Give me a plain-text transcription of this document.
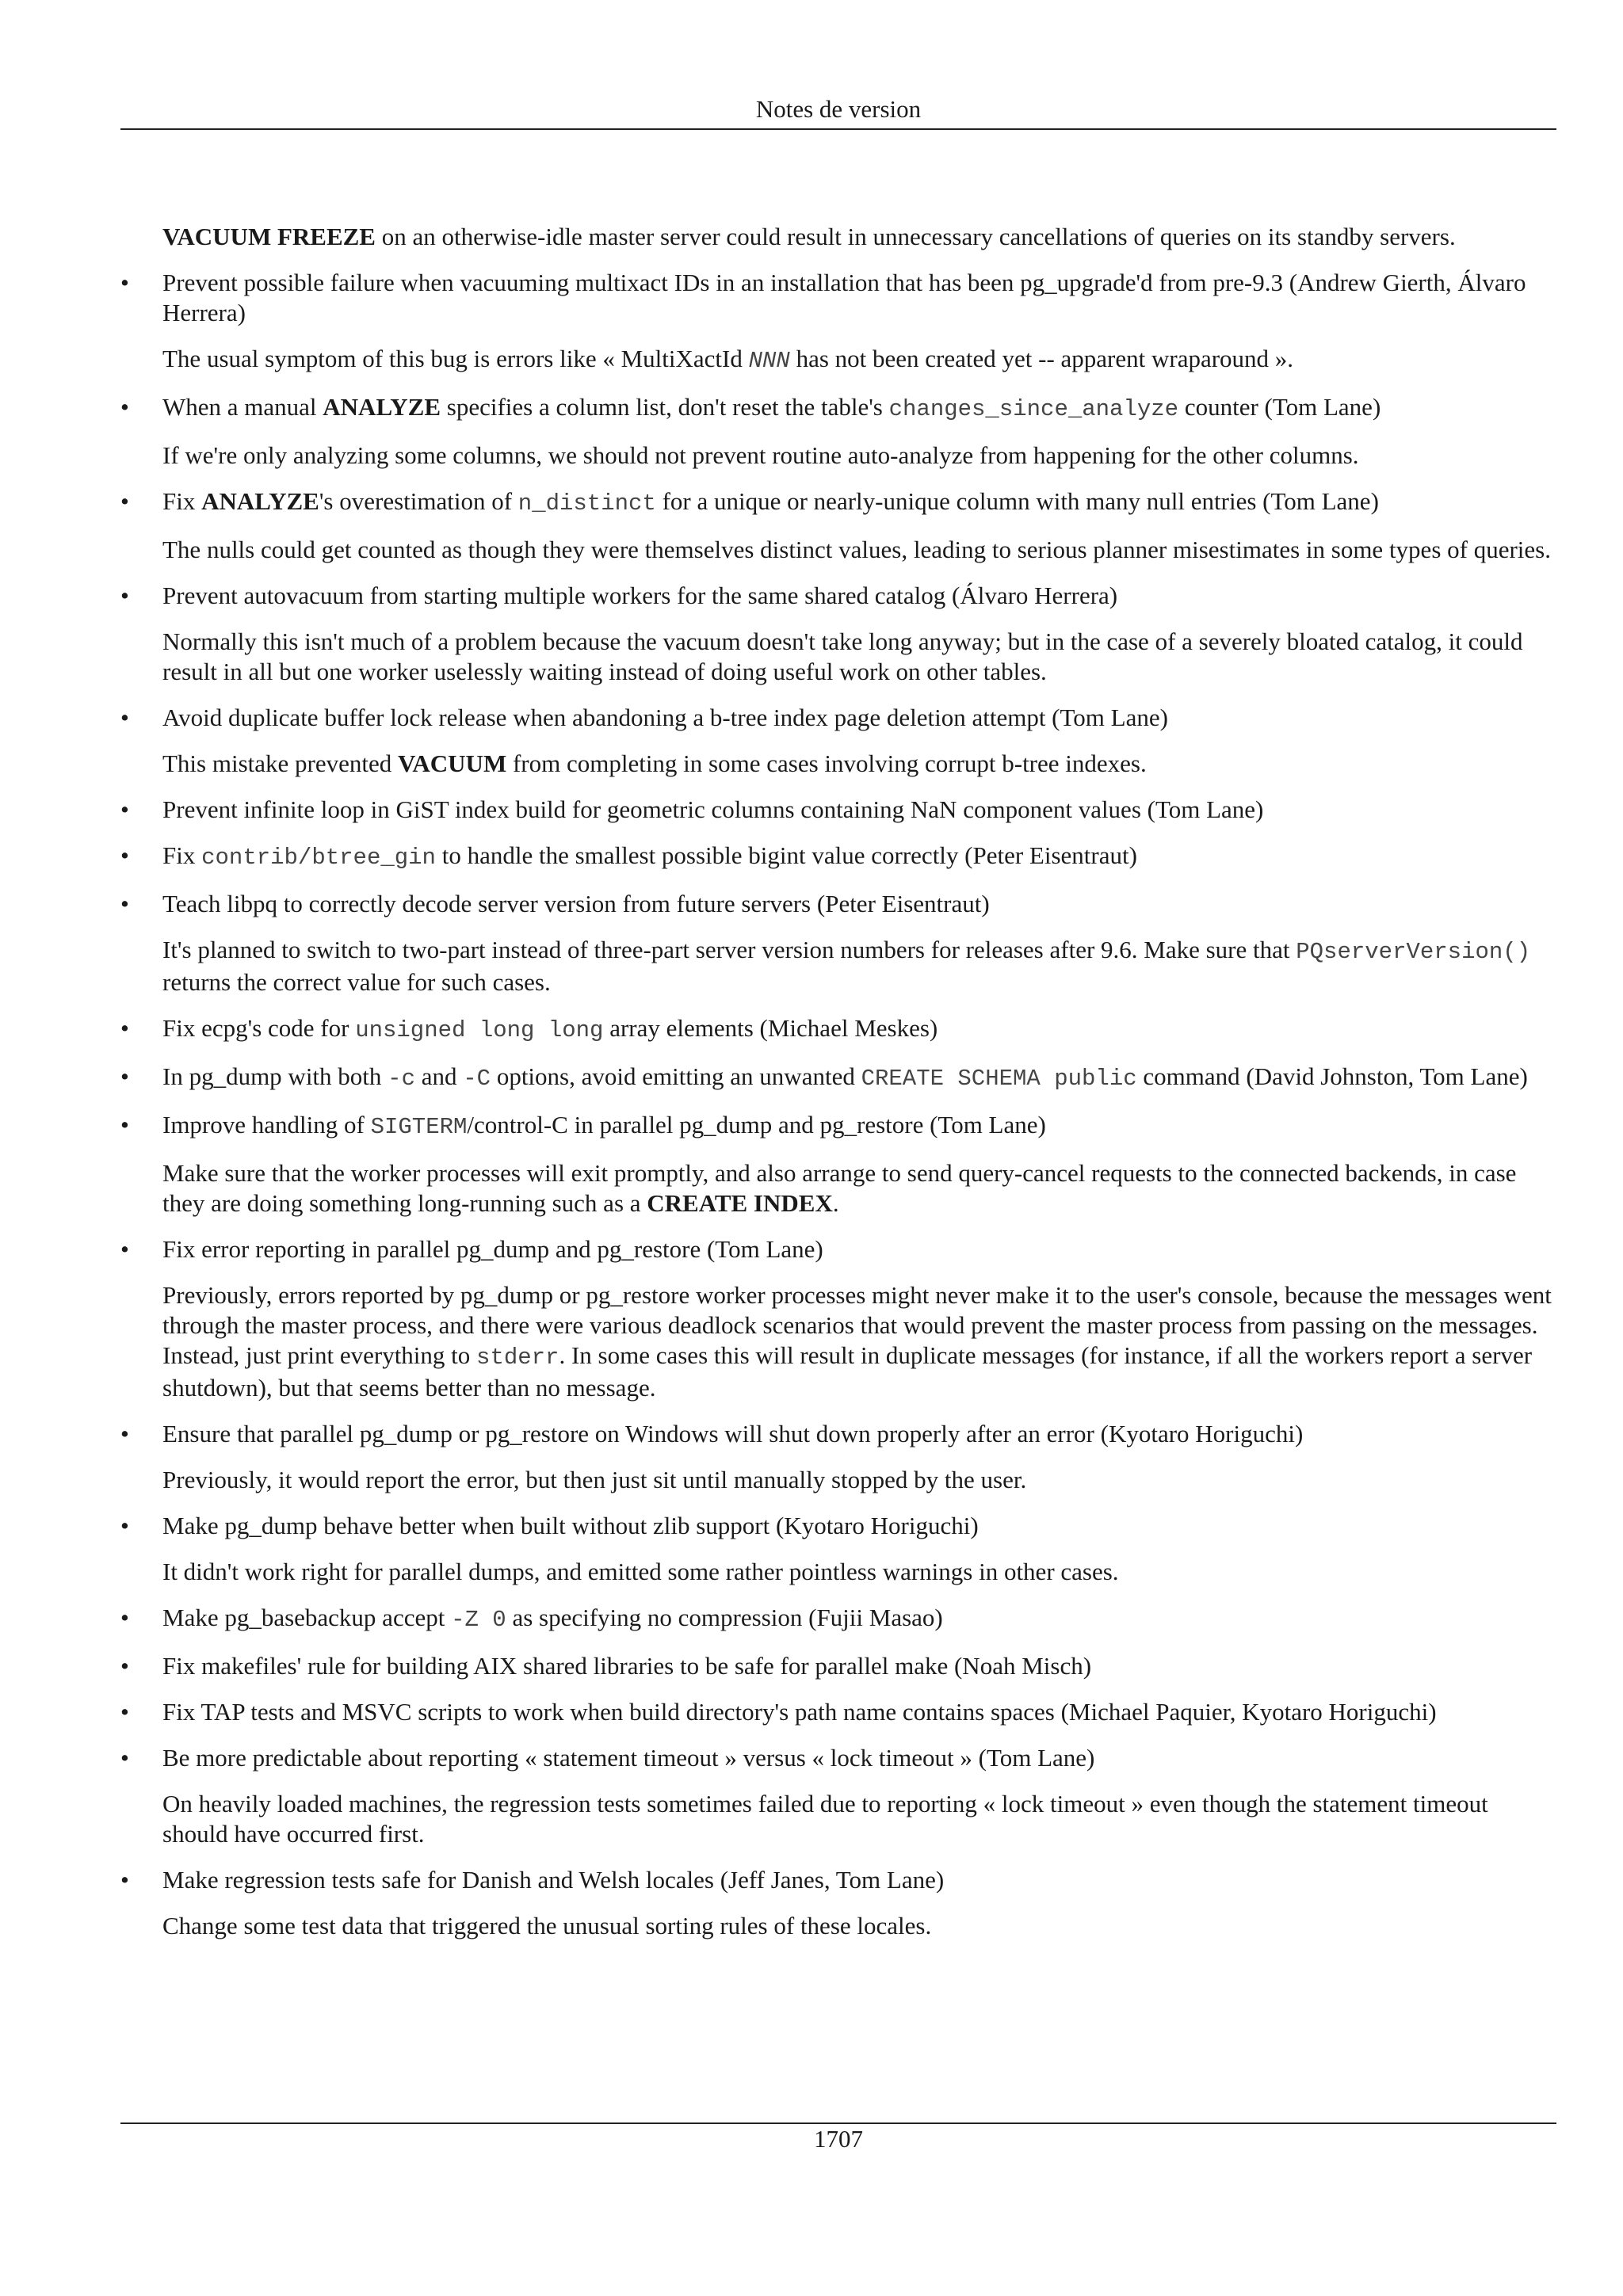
Notes de version

VACUUM FREEZE on an otherwise-idle master server could result in unnecessary cancellations of queries on its standby servers.

• Prevent possible failure when vacuuming multixact IDs in an installation that has been pg_upgrade'd from pre-9.3 (Andrew Gierth, Álvaro Herrera)

The usual symptom of this bug is errors like « MultiXactId NNN has not been created yet -- apparent wraparound ».

• When a manual ANALYZE specifies a column list, don't reset the table's changes_since_analyze counter (Tom Lane)

If we're only analyzing some columns, we should not prevent routine auto-analyze from happening for the other columns.

• Fix ANALYZE's overestimation of n_distinct for a unique or nearly-unique column with many null entries (Tom Lane)

The nulls could get counted as though they were themselves distinct values, leading to serious planner misestimates in some types of queries.

• Prevent autovacuum from starting multiple workers for the same shared catalog (Álvaro Herrera)

Normally this isn't much of a problem because the vacuum doesn't take long anyway; but in the case of a severely bloated catalog, it could result in all but one worker uselessly waiting instead of doing useful work on other tables.

• Avoid duplicate buffer lock release when abandoning a b-tree index page deletion attempt (Tom Lane)

This mistake prevented VACUUM from completing in some cases involving corrupt b-tree indexes.

• Prevent infinite loop in GiST index build for geometric columns containing NaN component values (Tom Lane)
• Fix contrib/btree_gin to handle the smallest possible bigint value correctly (Peter Eisentraut)
• Teach libpq to correctly decode server version from future servers (Peter Eisentraut)

It's planned to switch to two-part instead of three-part server version numbers for releases after 9.6. Make sure that PQserverVersion() returns the correct value for such cases.

• Fix ecpg's code for unsigned long long array elements (Michael Meskes)
• In pg_dump with both -c and -C options, avoid emitting an unwanted CREATE SCHEMA public command (David Johnston, Tom Lane)
• Improve handling of SIGTERM/control-C in parallel pg_dump and pg_restore (Tom Lane)

Make sure that the worker processes will exit promptly, and also arrange to send query-cancel requests to the connected backends, in case they are doing something long-running such as a CREATE INDEX.

• Fix error reporting in parallel pg_dump and pg_restore (Tom Lane)

Previously, errors reported by pg_dump or pg_restore worker processes might never make it to the user's console, because the messages went through the master process, and there were various deadlock scenarios that would prevent the master process from passing on the messages. Instead, just print everything to stderr. In some cases this will result in duplicate messages (for instance, if all the workers report a server shutdown), but that seems better than no message.

• Ensure that parallel pg_dump or pg_restore on Windows will shut down properly after an error (Kyotaro Horiguchi)

Previously, it would report the error, but then just sit until manually stopped by the user.

• Make pg_dump behave better when built without zlib support (Kyotaro Horiguchi)

It didn't work right for parallel dumps, and emitted some rather pointless warnings in other cases.

• Make pg_basebackup accept -Z 0 as specifying no compression (Fujii Masao)
• Fix makefiles' rule for building AIX shared libraries to be safe for parallel make (Noah Misch)
• Fix TAP tests and MSVC scripts to work when build directory's path name contains spaces (Michael Paquier, Kyotaro Horiguchi)
• Be more predictable about reporting « statement timeout » versus « lock timeout » (Tom Lane)

On heavily loaded machines, the regression tests sometimes failed due to reporting « lock timeout » even though the statement timeout should have occurred first.

• Make regression tests safe for Danish and Welsh locales (Jeff Janes, Tom Lane)

Change some test data that triggered the unusual sorting rules of these locales.

1707
